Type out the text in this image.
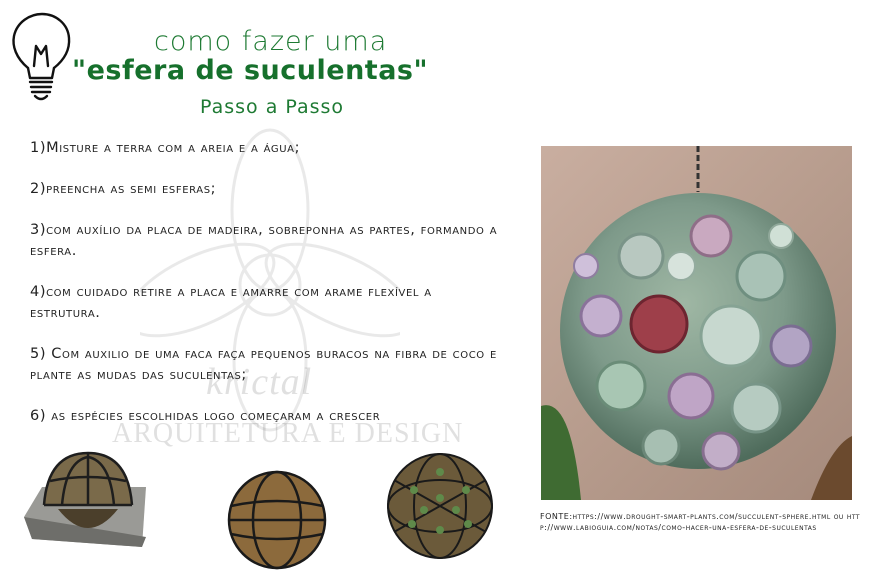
krictal
ARQUITETURA E DESIGN
como fazer uma
"esfera de suculentas"
Passo a Passo

1)Misture a terra com a areia e a água;

2)preencha as semi esferas;

3)com auxílio da placa de madeira, sobreponha as partes, formando a esfera.

4)com cuidado retire a placa e amarre com arame flexível a estrutura.

5) Com auxilio de uma faca faça pequenos buracos na fibra de coco e plante as mudas das suculentas;

6) as espécies escolhidas logo começaram a crescer

FONTE:https://www.drought-smart-plants.com/succulent-sphere.html ou http://www.labioguia.com/notas/como-hacer-una-esfera-de-suculentas
